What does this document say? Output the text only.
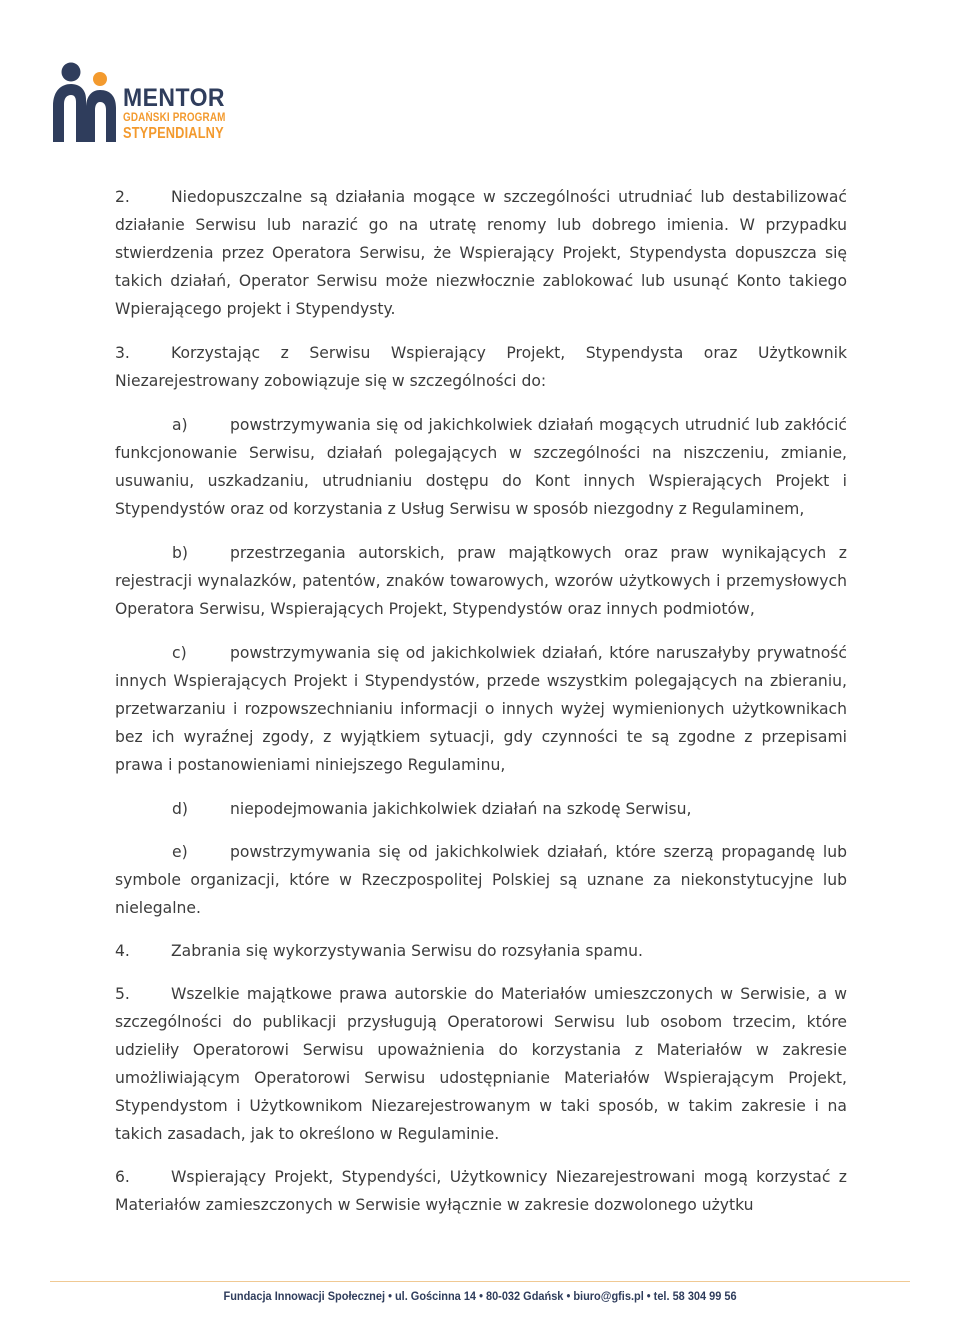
MENTOR
GDAŃSKI PROGRAM
STYPENDIALNY

2.	Niedopuszczalne są działania mogące w szczególności utrudniać lub destabilizować działanie Serwisu lub narazić go na utratę renomy lub dobrego imienia. W przypadku stwierdzenia przez Operatora Serwisu, że Wspierający Projekt, Stypendysta dopuszcza się takich działań, Operator Serwisu może niezwłocznie zablokować lub usunąć Konto takiego Wpierającego projekt i Stypendysty.

3.	Korzystając z Serwisu Wspierający Projekt, Stypendysta oraz Użytkownik Niezarejestrowany zobowiązuje się w szczególności do:

a)	powstrzymywania się od jakichkolwiek działań mogących utrudnić lub zakłócić funkcjonowanie Serwisu, działań polegających w szczególności na niszczeniu, zmianie, usuwaniu, uszkadzaniu, utrudnianiu dostępu do Kont innych Wspierających Projekt i Stypendystów oraz od korzystania z Usług Serwisu w sposób niezgodny z Regulaminem,

b)	przestrzegania autorskich, praw majątkowych oraz praw wynikających z rejestracji wynalazków, patentów, znaków towarowych, wzorów użytkowych i przemysłowych Operatora Serwisu, Wspierających Projekt, Stypendystów oraz innych podmiotów,

c)	powstrzymywania się od jakichkolwiek działań, które naruszałyby prywatność innych Wspierających Projekt i Stypendystów, przede wszystkim polegających na zbieraniu, przetwarzaniu i rozpowszechnianiu informacji o innych wyżej wymienionych użytkownikach bez ich wyraźnej zgody, z wyjątkiem sytuacji, gdy czynności te są zgodne z przepisami prawa i postanowieniami niniejszego Regulaminu,

d)	niepodejmowania jakichkolwiek działań na szkodę Serwisu,

e)	powstrzymywania się od jakichkolwiek działań, które szerzą propagandę lub symbole organizacji, które w Rzeczpospolitej Polskiej są uznane za niekonstytucyjne lub nielegalne.

4.	Zabrania się wykorzystywania Serwisu do rozsyłania spamu.

5.	Wszelkie majątkowe prawa autorskie do Materiałów umieszczonych w Serwisie, a w szczególności do publikacji przysługują Operatorowi Serwisu lub osobom trzecim, które udzieliły Operatorowi Serwisu upoważnienia do korzystania z Materiałów w zakresie umożliwiającym Operatorowi Serwisu udostępnianie Materiałów Wspierającym Projekt, Stypendystom i Użytkownikom Niezarejestrowanym w taki sposób, w takim zakresie i na takich zasadach, jak to określono w Regulaminie.

6.	Wspierający Projekt, Stypendyści, Użytkownicy Niezarejestrowani mogą korzystać z Materiałów zamieszczonych w Serwisie wyłącznie w zakresie dozwolonego użytku

Fundacja Innowacji Społecznej • ul. Gościnna 14 • 80-032 Gdańsk • biuro@gfis.pl • tel. 58 304 99 56
